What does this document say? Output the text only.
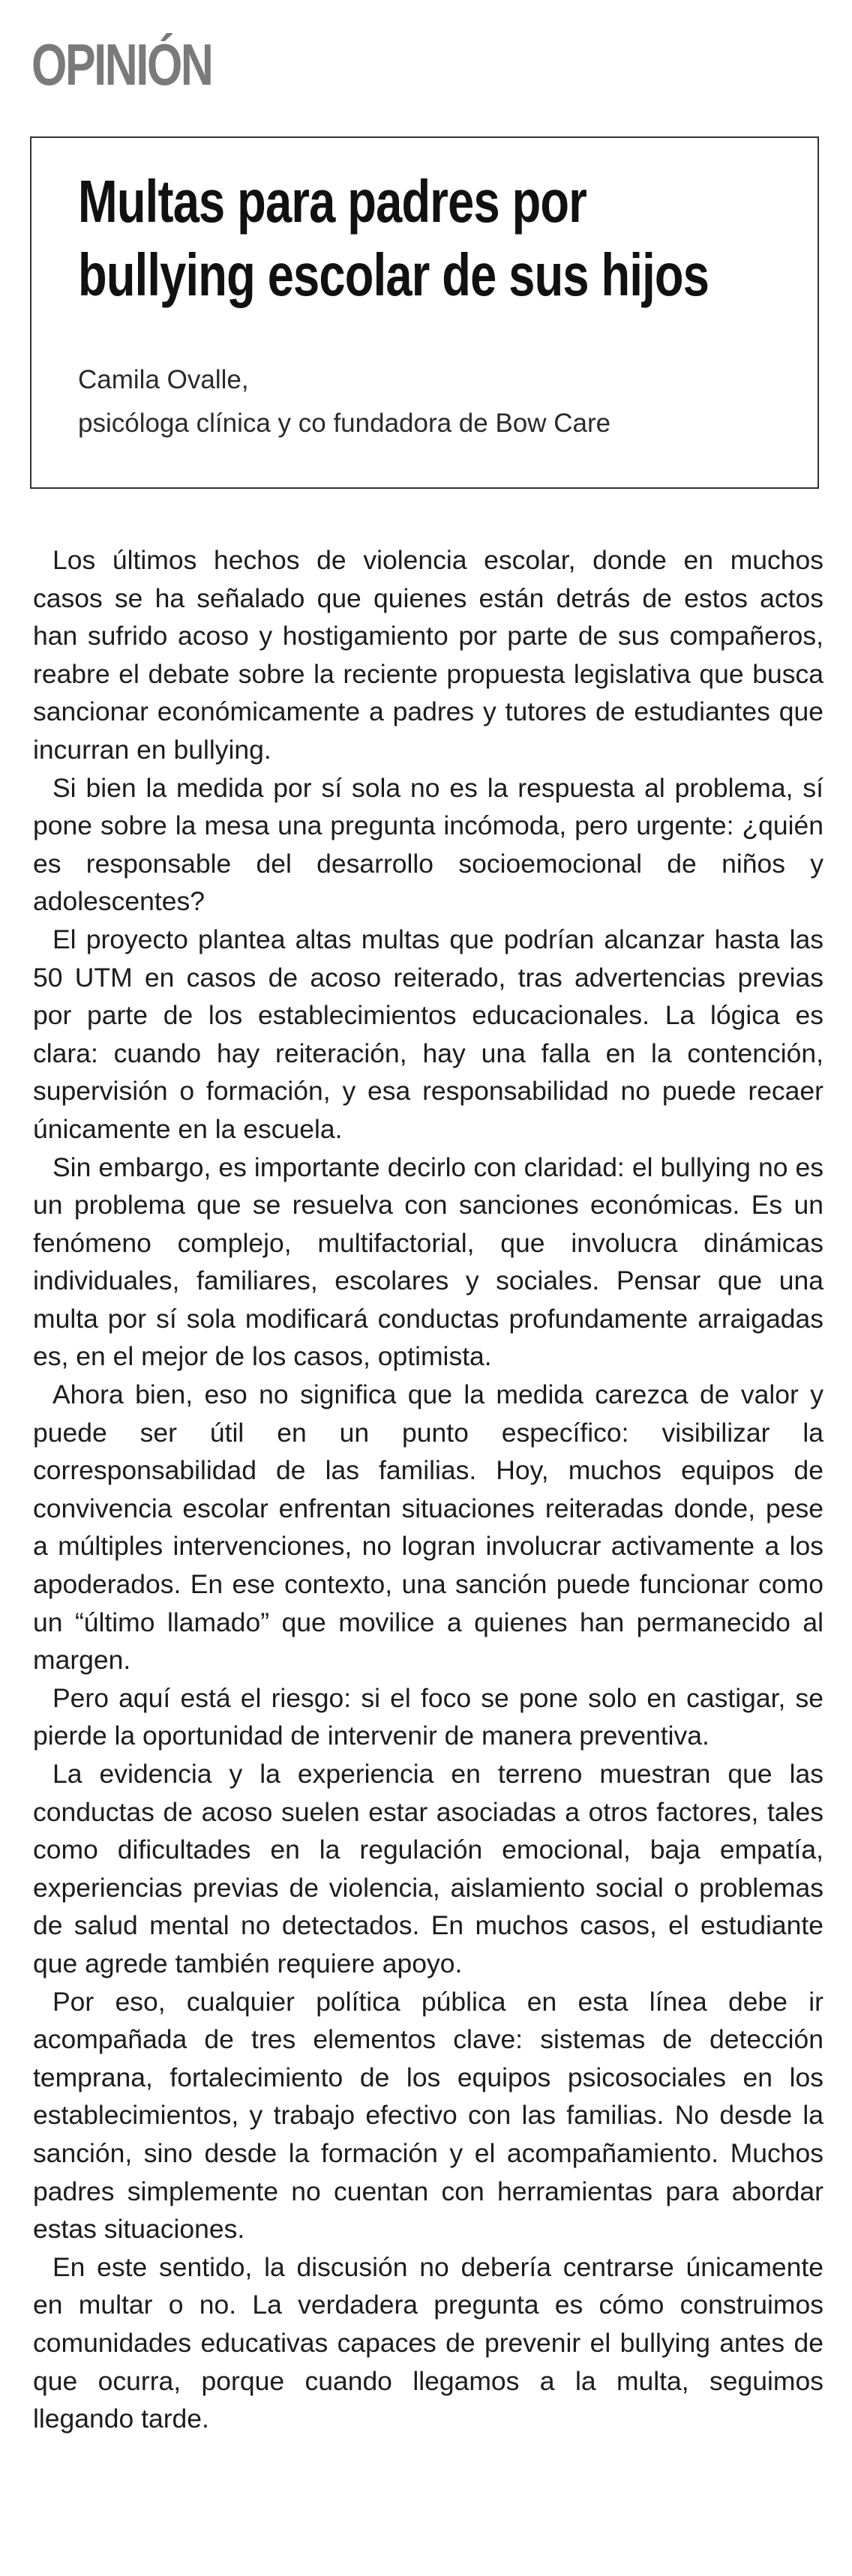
OPINIÓN
Multas para padres por
bullying escolar de sus hijos
Camila Ovalle,
psicóloga clínica y co fundadora de Bow Care

Los últimos hechos de violencia escolar, donde en muchos casos se ha señalado que quienes están detrás de estos actos han sufrido acoso y hostigamiento por parte de sus compañeros, reabre el debate sobre la reciente propuesta legislativa que busca sancionar económicamente a padres y tutores de estudiantes que incurran en bullying.

Si bien la medida por sí sola no es la respuesta al problema, sí pone sobre la mesa una pregunta incómoda, pero urgente: ¿quién es responsable del desarrollo socioemocional de niños y adolescentes?

El proyecto plantea altas multas que podrían alcanzar hasta las 50 UTM en casos de acoso reiterado, tras advertencias previas por parte de los establecimientos educacionales. La lógica es clara: cuando hay reiteración, hay una falla en la contención, supervisión o formación, y esa responsabilidad no puede recaer únicamente en la escuela.

Sin embargo, es importante decirlo con claridad: el bullying no es un problema que se resuelva con sanciones económicas. Es un fenómeno complejo, multifactorial, que involucra dinámicas individuales, familiares, escolares y sociales. Pensar que una multa por sí sola modificará conductas profundamente arraigadas es, en el mejor de los casos, optimista.

Ahora bien, eso no significa que la medida carezca de valor y puede ser útil en un punto específico: visibilizar la corresponsabilidad de las familias. Hoy, muchos equipos de convivencia escolar enfrentan situaciones reiteradas donde, pese a múltiples intervenciones, no logran involucrar activamente a los apoderados. En ese contexto, una sanción puede funcionar como un “último llamado” que movilice a quienes han permanecido al margen.

Pero aquí está el riesgo: si el foco se pone solo en castigar, se pierde la oportunidad de intervenir de manera preventiva.

La evidencia y la experiencia en terreno muestran que las conductas de acoso suelen estar asociadas a otros factores, tales como dificultades en la regulación emocional, baja empatía, experiencias previas de violencia, aislamiento social o problemas de salud mental no detectados. En muchos casos, el estudiante que agrede también requiere apoyo.

Por eso, cualquier política pública en esta línea debe ir acompañada de tres elementos clave: sistemas de detección temprana, fortalecimiento de los equipos psicosociales en los establecimientos, y trabajo efectivo con las familias. No desde la sanción, sino desde la formación y el acompañamiento. Muchos padres simplemente no cuentan con herramientas para abordar estas situaciones.

En este sentido, la discusión no debería centrarse únicamente en multar o no. La verdadera pregunta es cómo construimos comunidades educativas capaces de prevenir el bullying antes de que ocurra, porque cuando llegamos a la multa, seguimos llegando tarde.
